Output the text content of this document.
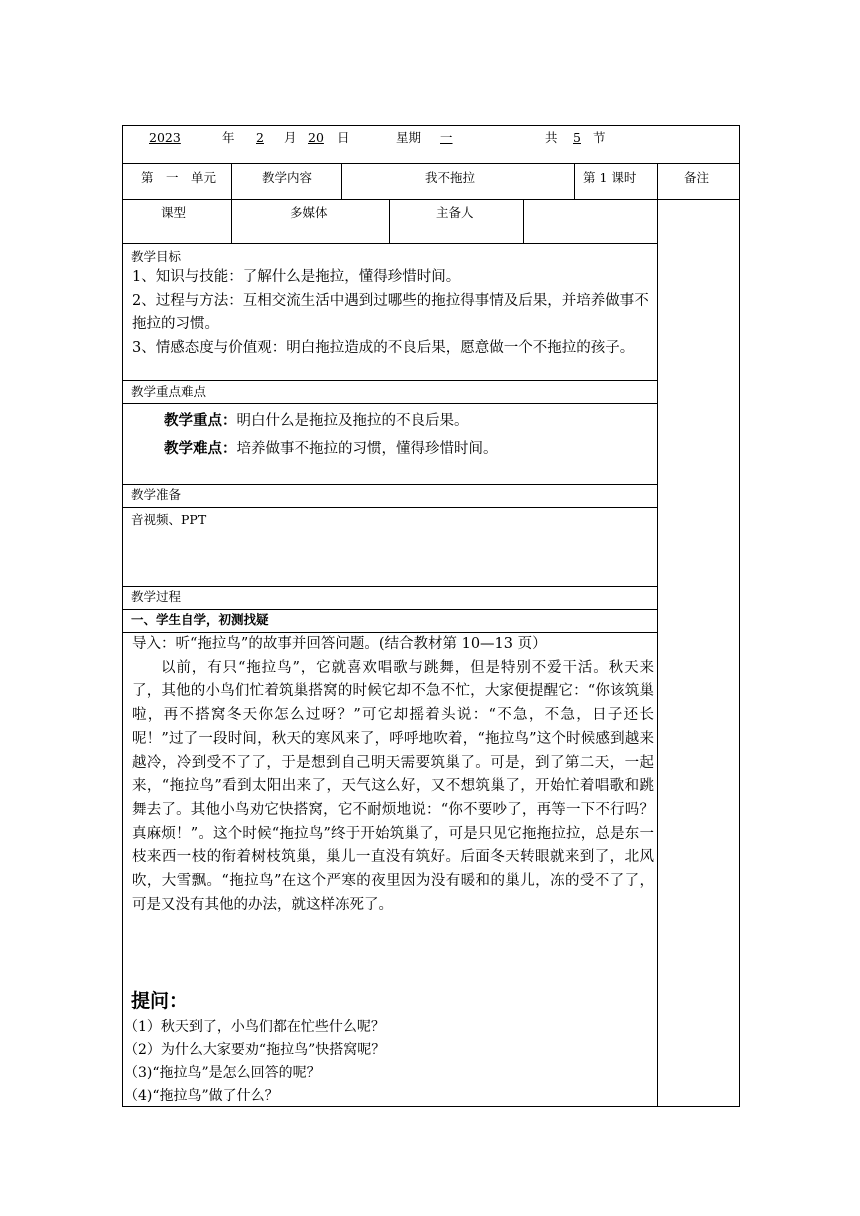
2023	年	2	月 20	日	星期	一	共	5 节
第　一　单元	教学内容	我不拖拉	第 1 课时	备注
课型	多媒体	主备人
教学目标

1、知识与技能：了解什么是拖拉，懂得珍惜时间。

2、过程与方法：互相交流生活中遇到过哪些的拖拉得事情及后果，并培养做事不拖拉的习惯。

3、情感态度与价值观：明白拖拉造成的不良后果，愿意做一个不拖拉的孩子。

教学重点难点
教学重点：明白什么是拖拉及拖拉的不良后果。
教学难点：培养做事不拖拉的习惯，懂得珍惜时间。
教学准备
音视频、PPT
教学过程
一、学生自学，初测找疑

导入：听“拖拉鸟”的故事并回答问题。(结合教材第 10—13 页）

以前，有只“拖拉鸟”，它就喜欢唱歌与跳舞，但是特别不爱干活。秋天来了，其他的小鸟们忙着筑巢搭窝的时候它却不急不忙，大家便提醒它：“你该筑巢啦，再不搭窝冬天你怎么过呀？”可它却摇着头说：“不急，不急，日子还长呢！”过了一段时间，秋天的寒风来了，呼呼地吹着，“拖拉鸟”这个时候感到越来越冷，冷到受不了了，于是想到自己明天需要筑巢了。可是，到了第二天，一起来，“拖拉鸟”看到太阳出来了，天气这么好，又不想筑巢了，开始忙着唱歌和跳舞去了。其他小鸟劝它快搭窝，它不耐烦地说：“你不要吵了，再等一下不行吗？真麻烦！”。这个时候“拖拉鸟”终于开始筑巢了，可是只见它拖拖拉拉，总是东一枝来西一枝的衔着树枝筑巢，巢儿一直没有筑好。后面冬天转眼就来到了，北风吹，大雪飘。“拖拉鸟”在这个严寒的夜里因为没有暖和的巢儿，冻的受不了了，可是又没有其他的办法，就这样冻死了。

提问：

（1）秋天到了，小鸟们都在忙些什么呢？

（2）为什么大家要劝“拖拉鸟”快搭窝呢？

（3)“拖拉鸟”是怎么回答的呢？

（4)“拖拉鸟”做了什么？
